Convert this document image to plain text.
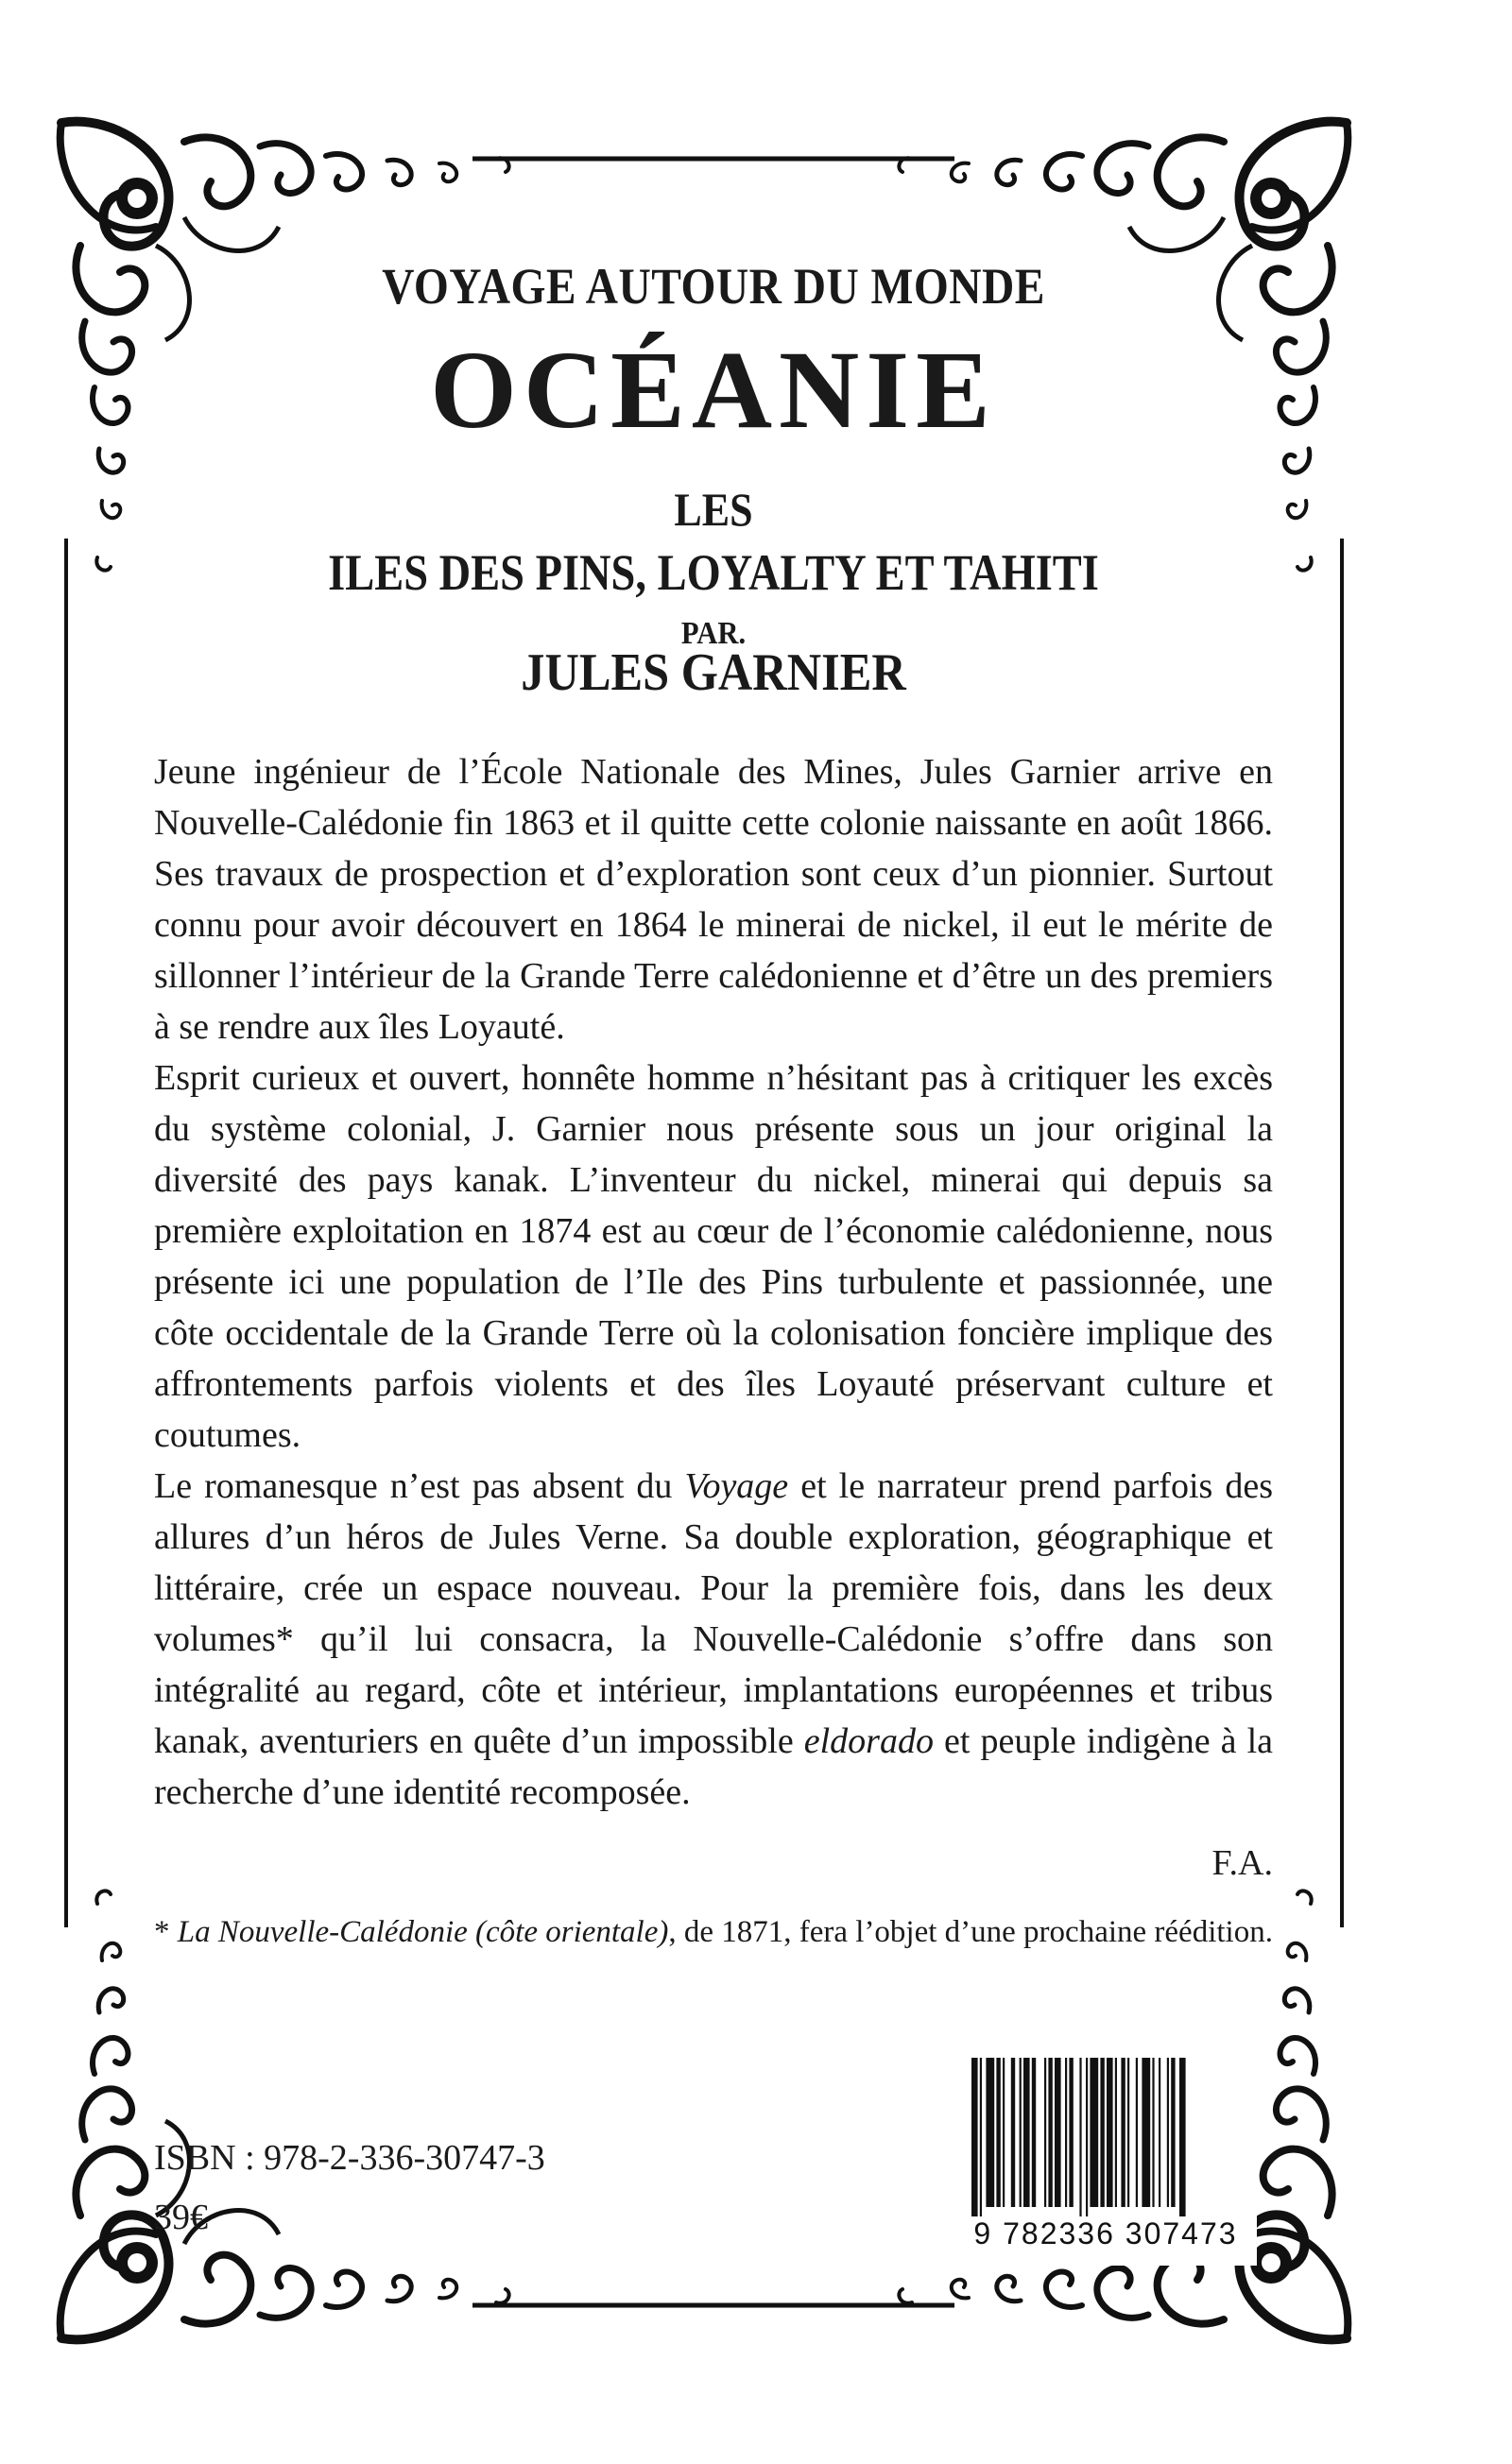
VOYAGE AUTOUR DU MONDE
OCÉANIE
LES
ILES DES PINS, LOYALTY ET TAHITI
PAR.
JULES GARNIER

Jeune ingénieur de l’École Nationale des Mines, Jules Garnier arrive en Nouvelle-Calédonie fin 1863 et il quitte cette colonie naissante en août 1866. Ses travaux de prospection et d’exploration sont ceux d’un pionnier. Surtout connu pour avoir découvert en 1864 le minerai de nickel, il eut le mérite de sillonner l’intérieur de la Grande Terre calédonienne et d’être un des premiers à se rendre aux îles Loyauté.

Esprit curieux et ouvert, honnête homme n’hésitant pas à critiquer les excès du système colonial, J. Garnier nous présente sous un jour original la diversité des pays kanak. L’inventeur du nickel, minerai qui depuis sa première exploitation en 1874 est au cœur de l’économie calédonienne, nous présente ici une population de l’Ile des Pins turbulente et passionnée, une côte occidentale de la Grande Terre où la colonisation foncière implique des affrontements parfois violents et des îles Loyauté préservant culture et coutumes.

Le romanesque n’est pas absent du Voyage et le narrateur prend parfois des allures d’un héros de Jules Verne. Sa double exploration, géographique et littéraire, crée un espace nouveau. Pour la première fois, dans les deux volumes* qu’il lui consacra, la Nouvelle-Calédonie s’offre dans son intégralité au regard, côte et intérieur, implantations européennes et tribus kanak, aventuriers en quête d’un impossible eldorado et peuple indigène à la recherche d’une identité recomposée.

F.A.
* La Nouvelle-Calédonie (côte orientale), de 1871, fera l’objet d’une prochaine réédition.
ISBN : 978-2-336-30747-3
39€	9 782336 307473
